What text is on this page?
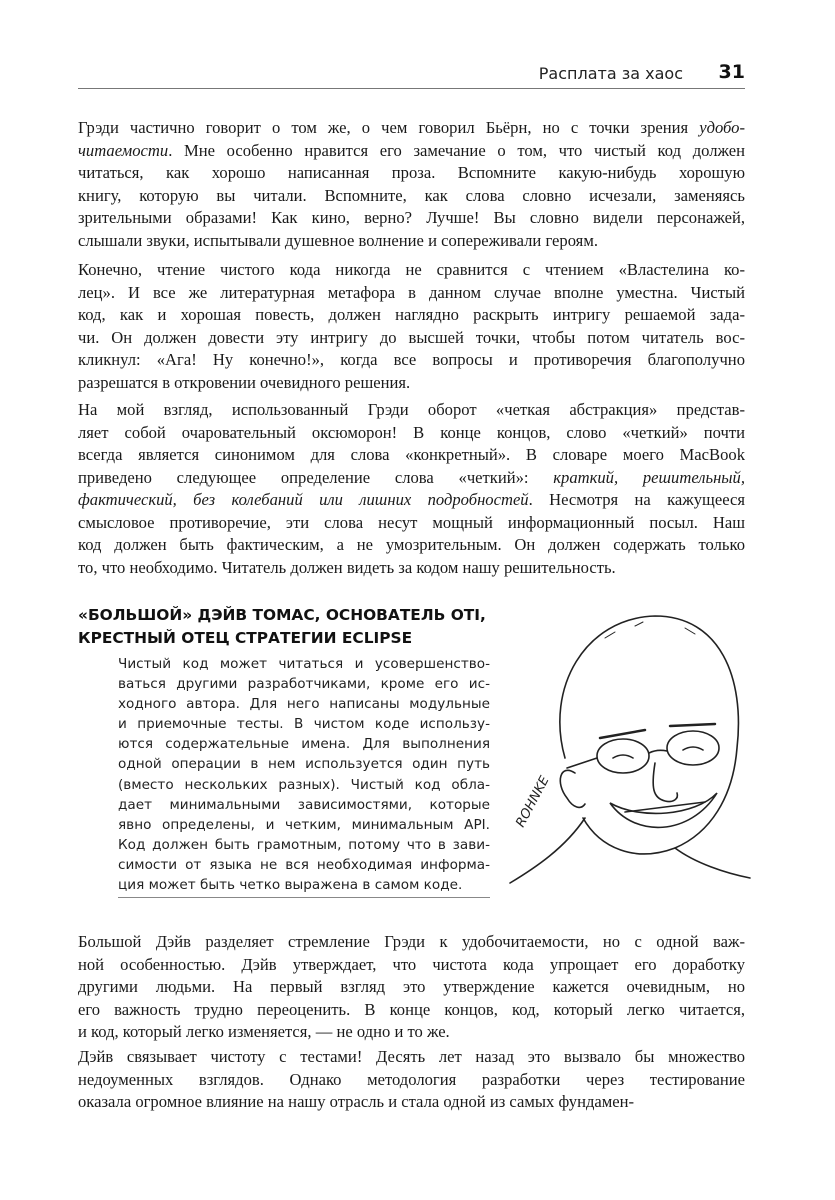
Расплата за хаос 31
Грэди частично говорит о том же, о чем говорил Бьёрн, но с точки зрения удобо-
читаемости. Мне особенно нравится его замечание о том, что чистый код должен
читаться, как хорошо написанная проза. Вспомните какую-нибудь хорошую
книгу, которую вы читали. Вспомните, как слова словно исчезали, заменяясь
зрительными образами! Как кино, верно? Лучше! Вы словно видели персонажей,
слышали звуки, испытывали душевное волнение и сопереживали героям.
Конечно, чтение чистого кода никогда не сравнится с чтением «Властелина ко-
лец». И все же литературная метафора в данном случае вполне уместна. Чистый
код, как и хорошая повесть, должен наглядно раскрыть интригу решаемой зада-
чи. Он должен довести эту интригу до высшей точки, чтобы потом читатель вос-
кликнул: «Ага! Ну конечно!», когда все вопросы и противоречия благополучно
разрешатся в откровении очевидного решения.
На мой взгляд, использованный Грэди оборот «четкая абстракция» представ-
ляет собой очаровательный оксюморон! В конце концов, слово «четкий» почти
всегда является синонимом для слова «конкретный». В словаре моего MacBook
приведено следующее определение слова «четкий»: краткий, решительный,
фактический, без колебаний или лишних подробностей. Несмотря на кажущееся
смысловое противоречие, эти слова несут мощный информационный посыл. Наш
код должен быть фактическим, а не умозрительным. Он должен содержать только
то, что необходимо. Читатель должен видеть за кодом нашу решительность.
«БОЛЬШОЙ» ДЭЙВ ТОМАС, ОСНОВАТЕЛЬ OTI,
КРЕСТНЫЙ ОТЕЦ СТРАТЕГИИ ECLIPSE
Чистый код может читаться и усовершенство-
ваться другими разработчиками, кроме его ис-
ходного автора. Для него написаны модульные
и приемочные тесты. В чистом коде использу-
ются содержательные имена. Для выполнения
одной операции в нем используется один путь
(вместо нескольких разных). Чистый код обла-
дает минимальными зависимостями, которые
явно определены, и четким, минимальным API.
Код должен быть грамотным, потому что в зави-
симости от языка не вся необходимая информа-
ция может быть четко выражена в самом коде.
ROHNKE
Большой Дэйв разделяет стремление Грэди к удобочитаемости, но с одной важ-
ной особенностью. Дэйв утверждает, что чистота кода упрощает его доработку
другими людьми. На первый взгляд это утверждение кажется очевидным, но
его важность трудно переоценить. В конце концов, код, который легко читается,
и код, который легко изменяется, — не одно и то же.
Дэйв связывает чистоту с тестами! Десять лет назад это вызвало бы множество
недоуменных взглядов. Однако методология разработки через тестирование
оказала огромное влияние на нашу отрасль и стала одной из самых фундамен-
